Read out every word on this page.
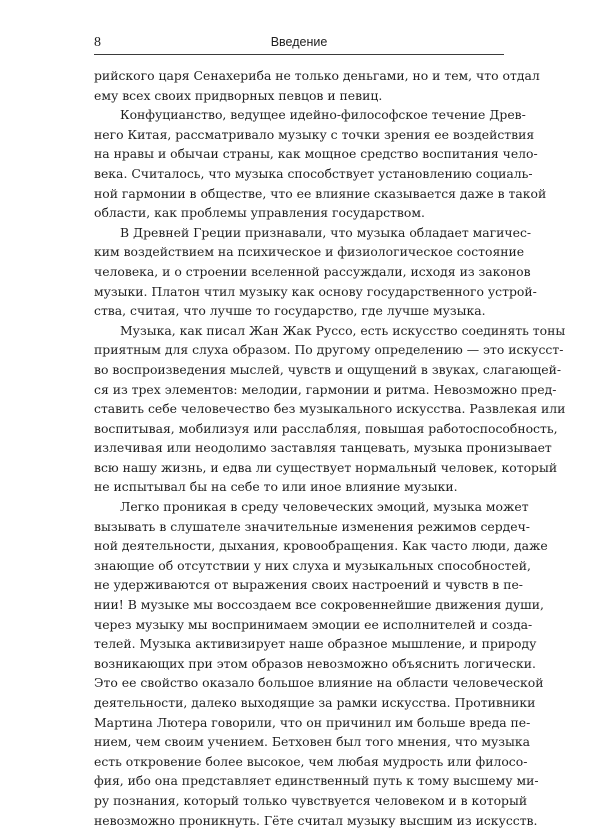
8	Введение
рийского царя Сенахериба не только деньгами, но и тем, что отдал
ему всех своих придворных певцов и певиц.
Конфуцианство, ведущее идейно-философское течение Древ-
него Китая, рассматривало музыку с точки зрения ее воздействия
на нравы и обычаи страны, как мощное средство воспитания чело-
века. Считалось, что музыка способствует установлению социаль-
ной гармонии в обществе, что ее влияние сказывается даже в такой
области, как проблемы управления государством.
В Древней Греции признавали, что музыка обладает магичес-
ким воздействием на психическое и физиологическое состояние
человека, и о строении вселенной рассуждали, исходя из законов
музыки. Платон чтил музыку как основу государственного устрой-
ства, считая, что лучше то государство, где лучше музыка.
Музыка, как писал Жан Жак Руссо, есть искусство соединять тоны
приятным для слуха образом. По другому определению — это искусст-
во воспроизведения мыслей, чувств и ощущений в звуках, слагающей-
ся из трех элементов: мелодии, гармонии и ритма. Невозможно пред-
ставить себе человечество без музыкального искусства. Развлекая или
воспитывая, мобилизуя или расслабляя, повышая работоспособность,
излечивая или неодолимо заставляя танцевать, музыка пронизывает
всю нашу жизнь, и едва ли существует нормальный человек, который
не испытывал бы на себе то или иное влияние музыки.
Легко проникая в среду человеческих эмоций, музыка может
вызывать в слушателе значительные изменения режимов сердеч-
ной деятельности, дыхания, кровообращения. Как часто люди, даже
знающие об отсутствии у них слуха и музыкальных способностей,
не удерживаются от выражения своих настроений и чувств в пе-
нии! В музыке мы воссоздаем все сокровеннейшие движения души,
через музыку мы воспринимаем эмоции ее исполнителей и созда-
телей. Музыка активизирует наше образное мышление, и природу
возникающих при этом образов невозможно объяснить логически.
Это ее свойство оказало большое влияние на области человеческой
деятельности, далеко выходящие за рамки искусства. Противники
Мартина Лютера говорили, что он причинил им больше вреда пе-
нием, чем своим учением. Бетховен был того мнения, что музыка
есть откровение более высокое, чем любая мудрость или филосо-
фия, ибо она представляет единственный путь к тому высшему ми-
ру познания, который только чувствуется человеком и в который
невозможно проникнуть. Гёте считал музыку высшим из искусств.
